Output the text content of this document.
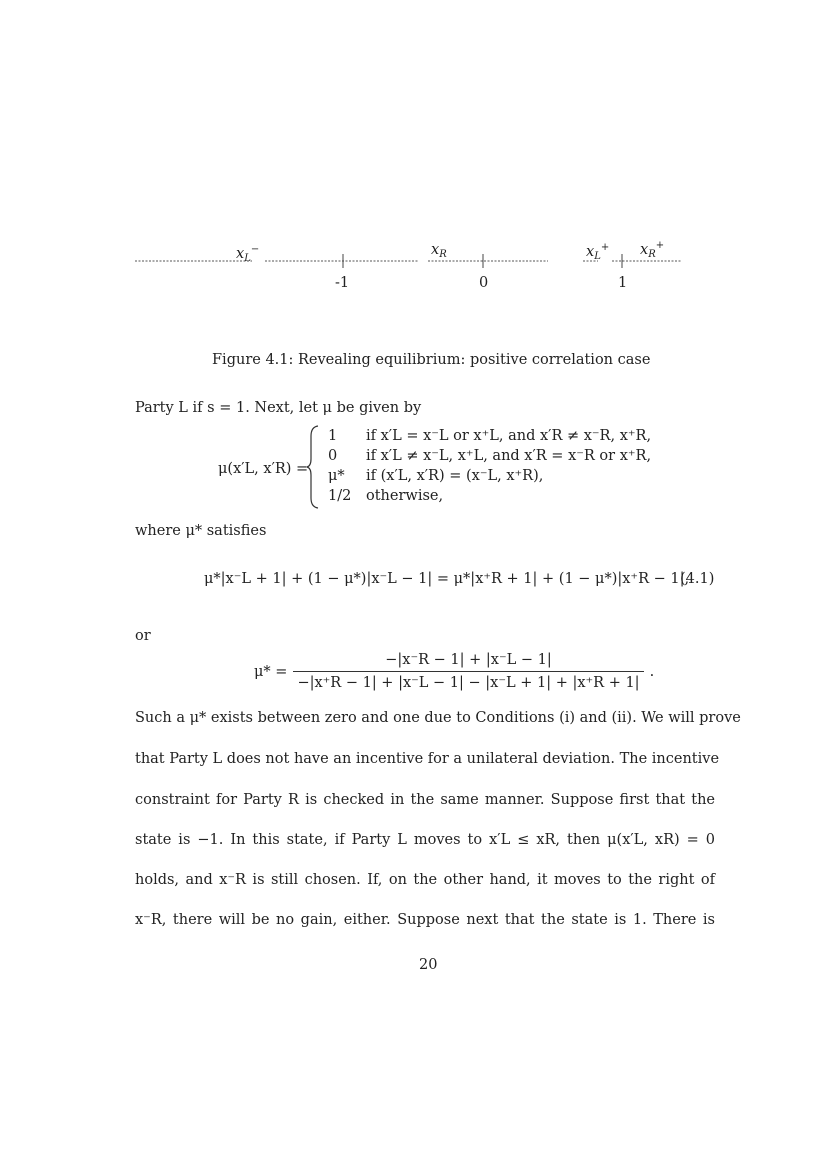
$x_L^-$	$x_R$	$x_L^+$ $x_R^+$
-1	0	1
Figure 4.1: Revealing equilibrium: positive correlation case
Party L if s = 1. Next, let μ be given by
μ(x′L, x′R) =
1	if x′L = x⁻L or x⁺L, and x′R ≠ x⁻R, x⁺R,
0	if x′L ≠ x⁻L, x⁺L, and x′R = x⁻R or x⁺R,
μ*	if (x′L, x′R) = (x⁻L, x⁺R),
1/2	otherwise,
where μ* satisfies
μ*|x⁻L + 1| + (1 − μ*)|x⁻L − 1| = μ*|x⁺R + 1| + (1 − μ*)|x⁺R − 1|,
(4.1)
or
$\mu* = \frac{-|x^-R - 1| + |x^-L - 1|}{-|x^+R - 1| + |x^-L - 1| - |x^-L + 1| + |x^+R + 1|}$ .
Such a μ* exists between zero and one due to Conditions (i) and (ii). We will prove
that Party L does not have an incentive for a unilateral deviation. The incentive
constraint for Party R is checked in the same manner. Suppose first that the
state is −1. In this state, if Party L moves to x′L ≤ xR, then μ(x′L, xR) = 0
holds, and x⁻R is still chosen. If, on the other hand, it moves to the right of
x⁻R, there will be no gain, either. Suppose next that the state is 1. There is
20
